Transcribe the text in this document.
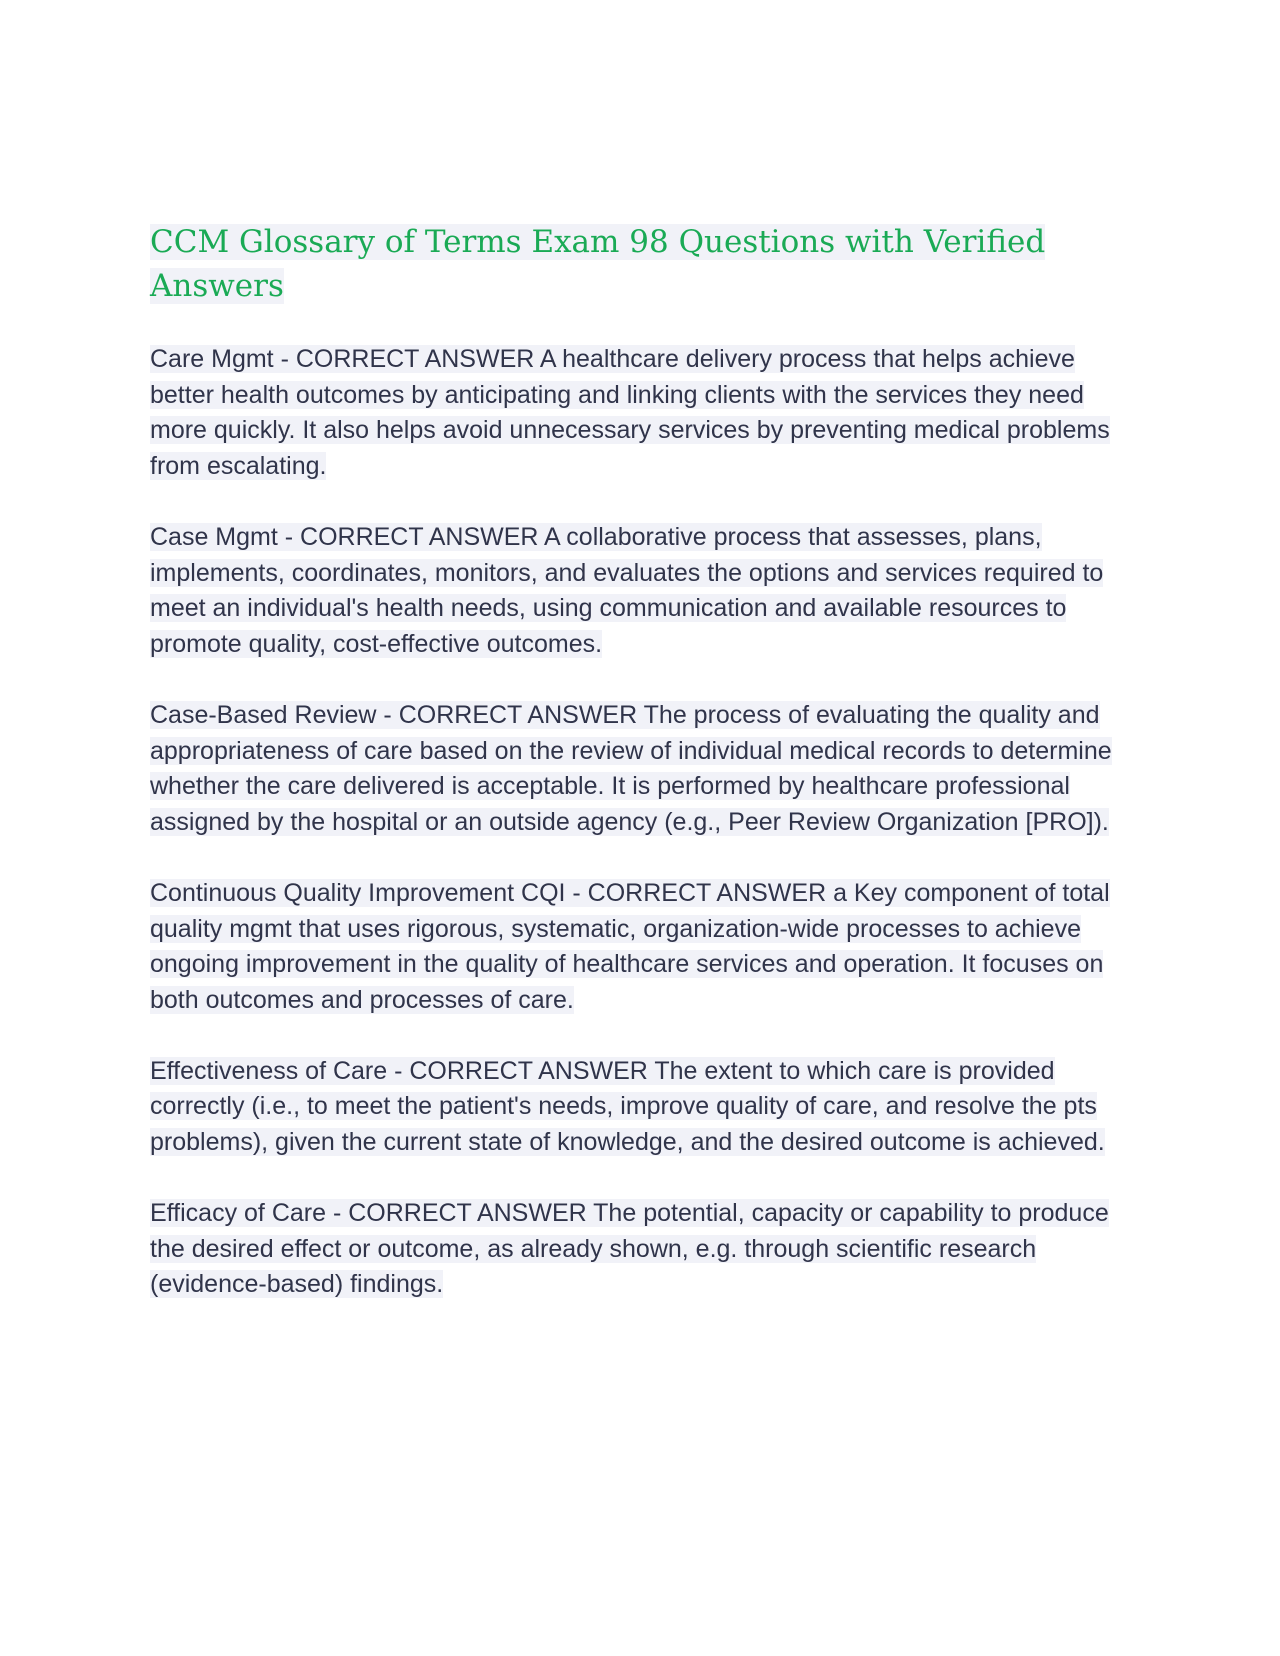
CCM Glossary of Terms Exam 98 Questions with Verified Answers

Care Mgmt - CORRECT ANSWER A healthcare delivery process that helps achieve better health outcomes by anticipating and linking clients with the services they need more quickly. It also helps avoid unnecessary services by preventing medical problems from escalating.

Case Mgmt - CORRECT ANSWER A collaborative process that assesses, plans, implements, coordinates, monitors, and evaluates the options and services required to meet an individual's health needs, using communication and available resources to promote quality, cost-effective outcomes.

Case-Based Review - CORRECT ANSWER The process of evaluating the quality and appropriateness of care based on the review of individual medical records to determine whether the care delivered is acceptable. It is performed by healthcare professional assigned by the hospital or an outside agency (e.g., Peer Review Organization [PRO]).

Continuous Quality Improvement CQI - CORRECT ANSWER a Key component of total quality mgmt that uses rigorous, systematic, organization-wide processes to achieve ongoing improvement in the quality of healthcare services and operation. It focuses on both outcomes and processes of care.

Effectiveness of Care - CORRECT ANSWER The extent to which care is provided correctly (i.e., to meet the patient's needs, improve quality of care, and resolve the pts problems), given the current state of knowledge, and the desired outcome is achieved.

Efficacy of Care - CORRECT ANSWER The potential, capacity or capability to produce the desired effect or outcome, as already shown, e.g. through scientific research (evidence-based) findings.
